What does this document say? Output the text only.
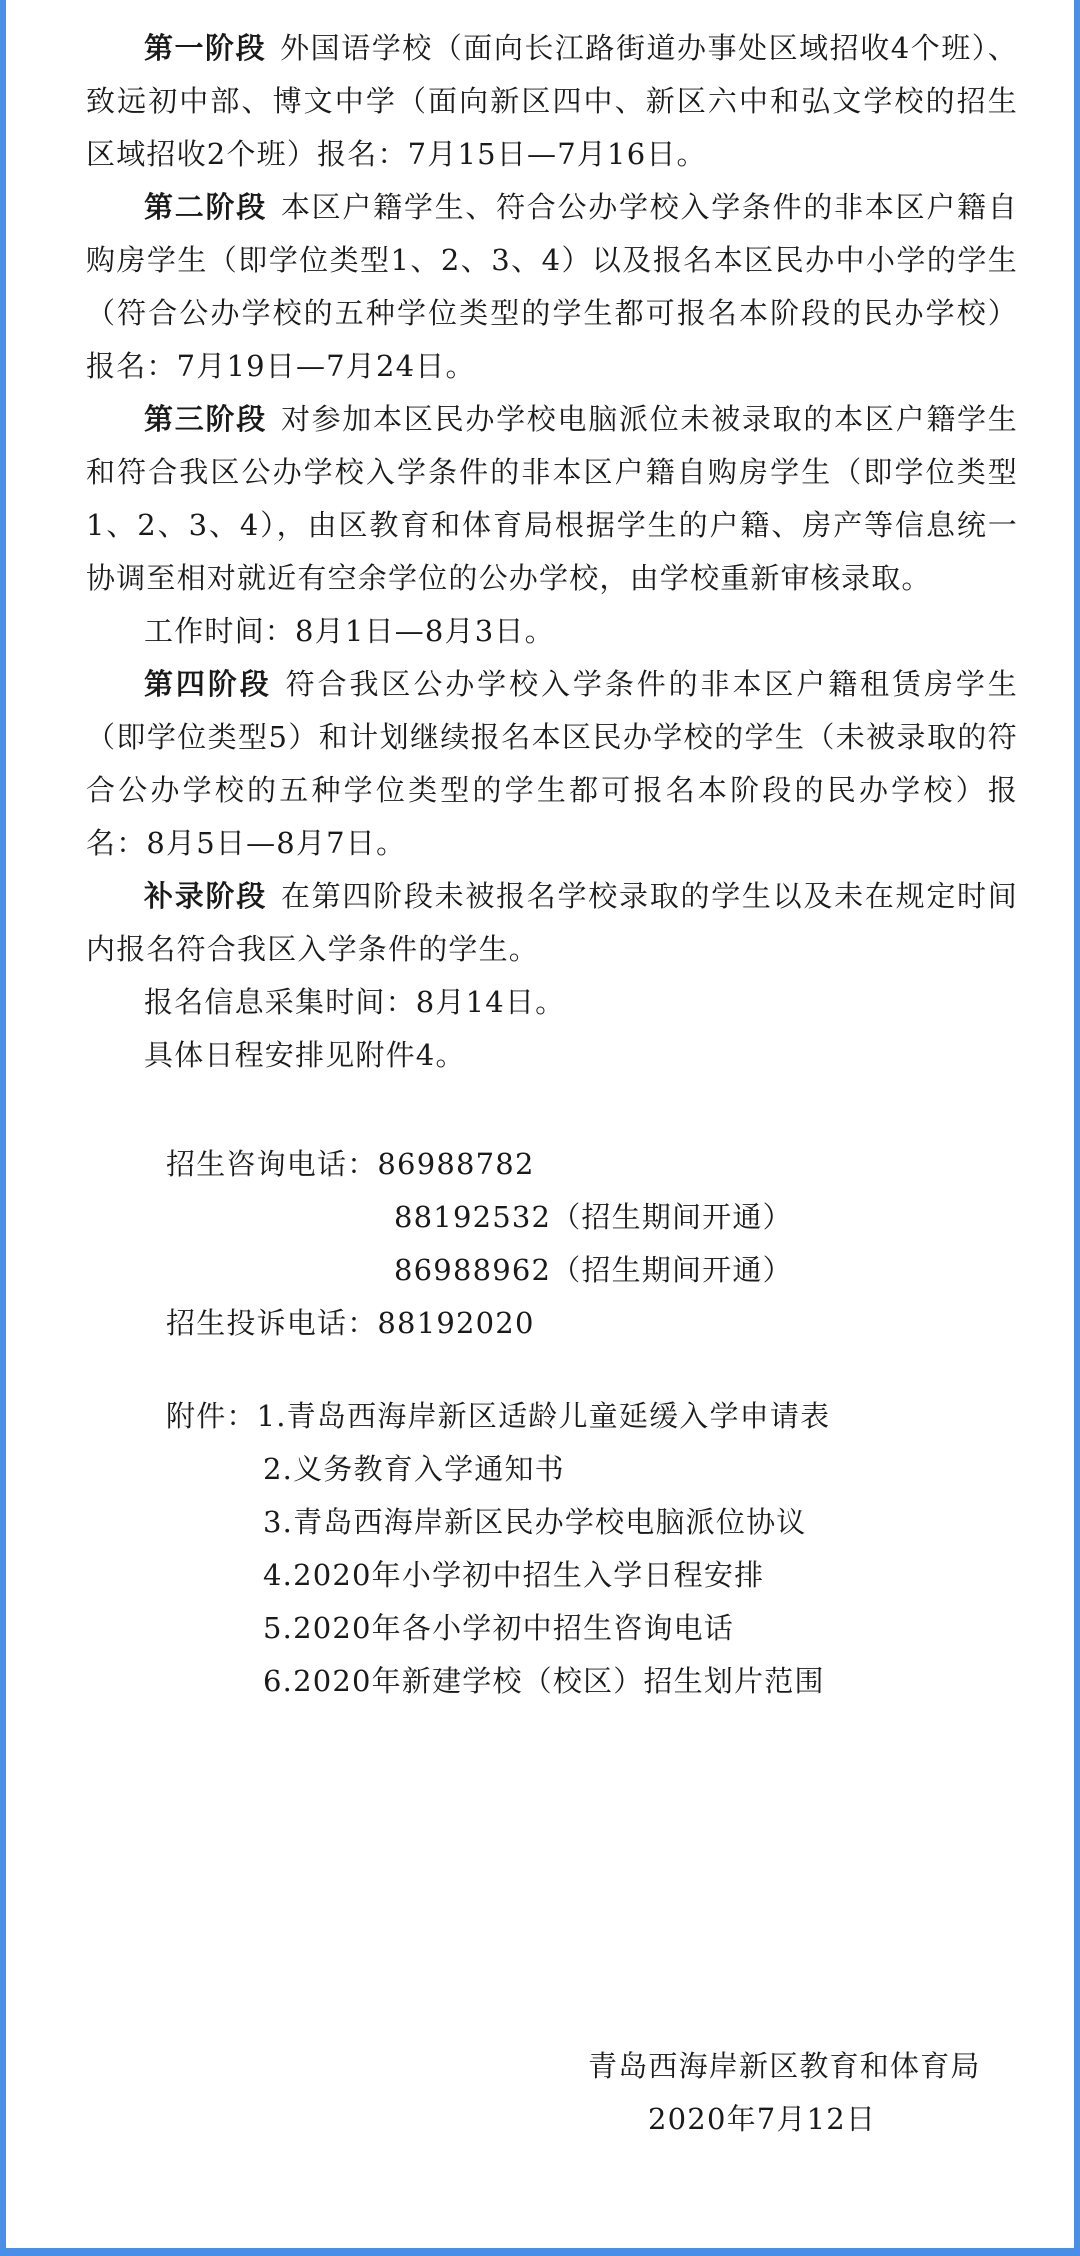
第一阶段 外国语学校（面向长江路街道办事处区域招收4个班）、致远初中部、博文中学（面向新区四中、新区六中和弘文学校的招生区域招收2个班）报名：7月15日—7月16日。

第二阶段 本区户籍学生、符合公办学校入学条件的非本区户籍自购房学生（即学位类型1、2、3、4）以及报名本区民办中小学的学生（符合公办学校的五种学位类型的学生都可报名本阶段的民办学校）报名：7月19日—7月24日。

第三阶段 对参加本区民办学校电脑派位未被录取的本区户籍学生和符合我区公办学校入学条件的非本区户籍自购房学生（即学位类型1、2、3、4），由区教育和体育局根据学生的户籍、房产等信息统一协调至相对就近有空余学位的公办学校，由学校重新审核录取。

工作时间：8月1日—8月3日。

第四阶段 符合我区公办学校入学条件的非本区户籍租赁房学生（即学位类型5）和计划继续报名本区民办学校的学生（未被录取的符合公办学校的五种学位类型的学生都可报名本阶段的民办学校）报名：8月5日—8月7日。

补录阶段 在第四阶段未被报名学校录取的学生以及未在规定时间内报名符合我区入学条件的学生。

报名信息采集时间：8月14日。

具体日程安排见附件4。

招生咨询电话：86988782

88192532（招生期间开通）

86988962（招生期间开通）

招生投诉电话：88192020

附件：1.青岛西海岸新区适龄儿童延缓入学申请表

2.义务教育入学通知书

3.青岛西海岸新区民办学校电脑派位协议

4.2020年小学初中招生入学日程安排

5.2020年各小学初中招生咨询电话

6.2020年新建学校（校区）招生划片范围

青岛西海岸新区教育和体育局

2020年7月12日
